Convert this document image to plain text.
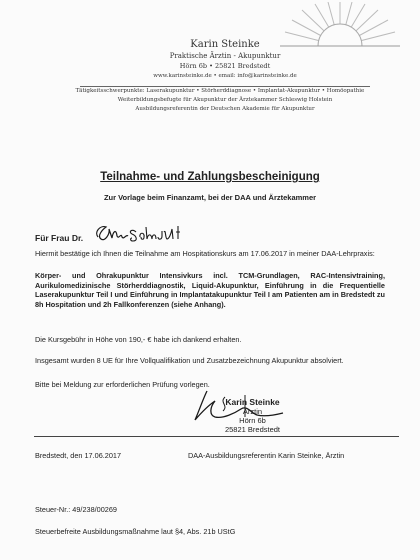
Karin Steinke
Praktische Ärztin - Akupunktur
Hörn 6b • 25821 Bredstedt
www.karinsteinke.de • email: info@karinsteinke.de
Tätigkeitsschwerpunkte: Laserakupunktur • Störherddiagnose • Implantat-Akupunktur • Homöopathie
Weiterbildungsbefugte für Akupunktur der Ärztekammer Schleswig Holstein
Ausbildungsreferentin der Deutschen Akademie für Akupunktur
Teilnahme- und Zahlungsbescheinigung
Zur Vorlage beim Finanzamt, bei der DAA und Ärztekammer
Für Frau Dr.
Hiermit bestätige ich Ihnen die Teilnahme am Hospitationskurs am 17.06.2017 in meiner DAA-Lehrpraxis:
Körper- und Ohrakupunktur Intensivkurs incl. TCM-Grundlagen, RAC-Intensivtraining, Aurikulomedizinische Störherddiagnostik, Liquid-Akupunktur, Einführung in die Frequentielle Laserakupunktur Teil I und Einführung in Implantatakupunktur Teil I am Patienten am in Bredstedt zu 8h Hospitation und 2h Fallkonferenzen (siehe Anhang).
Die Kursgebühr in Höhe von 190,- € habe ich dankend erhalten.
Insgesamt wurden 8 UE für Ihre Vollqualifikation und Zusatzbezeichnung Akupunktur absolviert.
Bitte bei Meldung zur erforderlichen Prüfung vorlegen.
Karin Steinke
Ärztin
Hörn 6b
25821 Bredstedt
Bredstedt, den 17.06.2017	DAA-Ausbildungsreferentin Karin Steinke, Ärztin
Steuer-Nr.: 49/238/00269
Steuerbefreite Ausbildungsmaßnahme laut §4, Abs. 21b UStG
